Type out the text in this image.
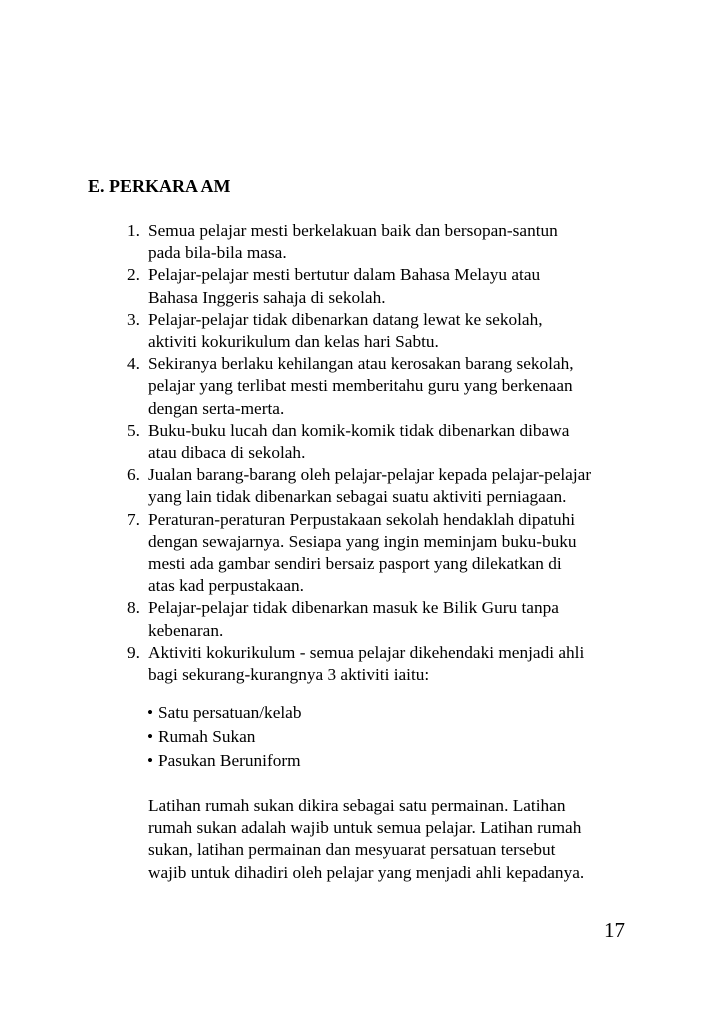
E. PERKARA AM
1. Semua pelajar mesti berkelakuan baik dan bersopan-santun
pada bila-bila masa.
2. Pelajar-pelajar mesti bertutur dalam Bahasa Melayu atau
Bahasa Inggeris sahaja di sekolah.
3. Pelajar-pelajar tidak dibenarkan datang lewat ke sekolah,
aktiviti kokurikulum dan kelas hari Sabtu.
4. Sekiranya berlaku kehilangan atau kerosakan barang sekolah,
pelajar yang terlibat mesti memberitahu guru yang berkenaan
dengan serta-merta.
5. Buku-buku lucah dan komik-komik tidak dibenarkan dibawa
atau dibaca di sekolah.
6. Jualan barang-barang oleh pelajar-pelajar kepada pelajar-pelajar
yang lain tidak dibenarkan sebagai suatu aktiviti perniagaan.
7. Peraturan-peraturan Perpustakaan sekolah hendaklah dipatuhi
dengan sewajarnya. Sesiapa yang ingin meminjam buku-buku
mesti ada gambar sendiri bersaiz pasport yang dilekatkan di
atas kad perpustakaan.
8. Pelajar-pelajar tidak dibenarkan masuk ke Bilik Guru tanpa
kebenaran.
9. Aktiviti kokurikulum - semua pelajar dikehendaki menjadi ahli
bagi sekurang-kurangnya 3 aktiviti iaitu:
• Satu persatuan/kelab
• Rumah Sukan
• Pasukan Beruniform
Latihan rumah sukan dikira sebagai satu permainan. Latihan
rumah sukan adalah wajib untuk semua pelajar. Latihan rumah
sukan, latihan permainan dan mesyuarat persatuan tersebut
wajib untuk dihadiri oleh pelajar yang menjadi ahli kepadanya.
17
